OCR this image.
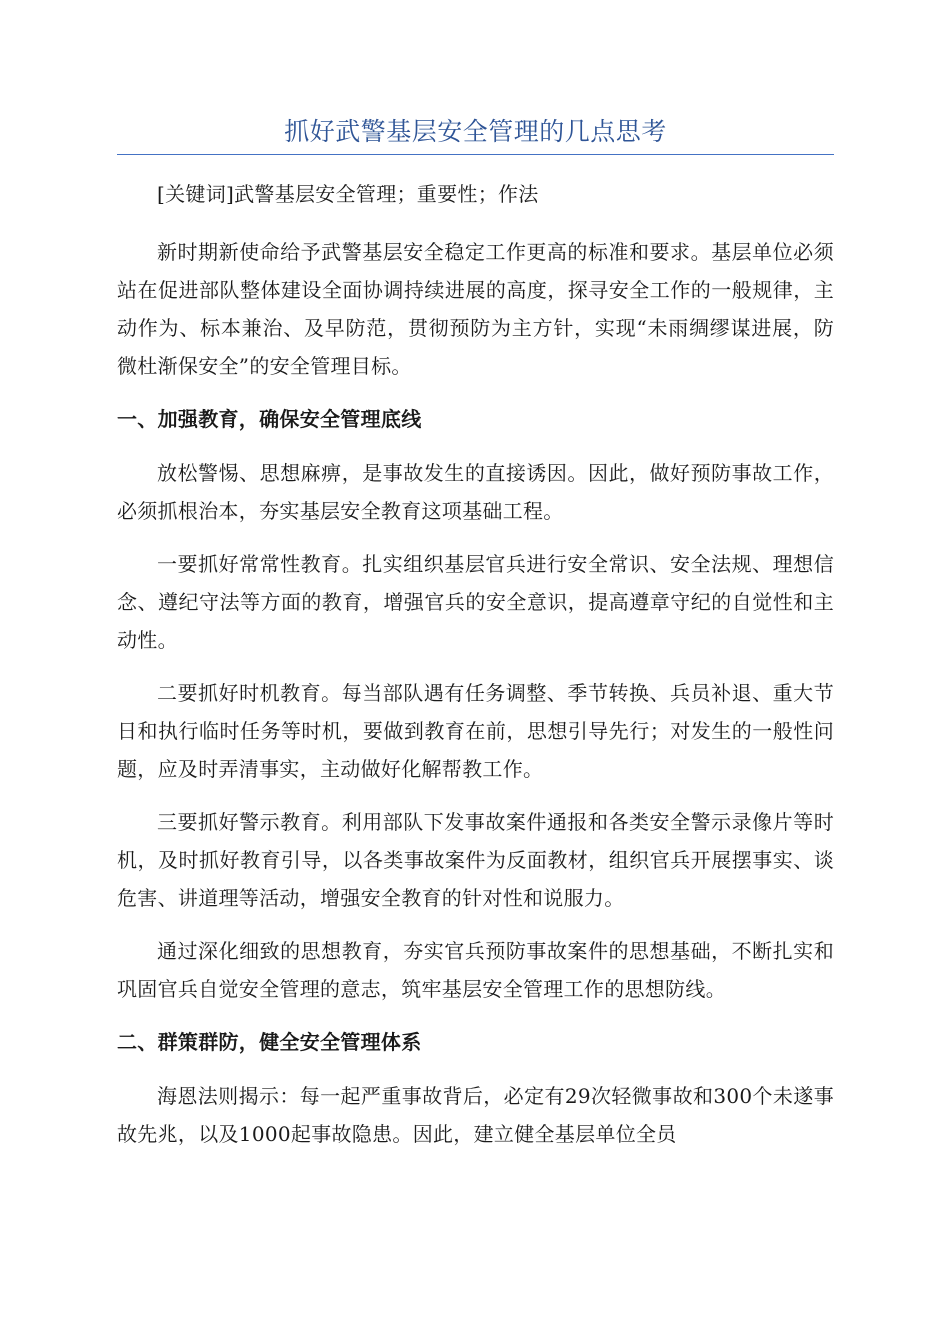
抓好武警基层安全管理的几点思考

[关键词]武警基层安全管理；重要性；作法

新时期新使命给予武警基层安全稳定工作更高的标准和要求。基层单位必须站在促进部队整体建设全面协调持续进展的高度，探寻安全工作的一般规律，主动作为、标本兼治、及早防范，贯彻预防为主方针，实现“未雨绸缪谋进展，防微杜渐保安全”的安全管理目标。

一、加强教育，确保安全管理底线

放松警惕、思想麻痹，是事故发生的直接诱因。因此，做好预防事故工作，必须抓根治本，夯实基层安全教育这项基础工程。

一要抓好常常性教育。扎实组织基层官兵进行安全常识、安全法规、理想信念、遵纪守法等方面的教育，增强官兵的安全意识，提高遵章守纪的自觉性和主动性。

二要抓好时机教育。每当部队遇有任务调整、季节转换、兵员补退、重大节日和执行临时任务等时机，要做到教育在前，思想引导先行；对发生的一般性问题，应及时弄清事实，主动做好化解帮教工作。

三要抓好警示教育。利用部队下发事故案件通报和各类安全警示录像片等时机，及时抓好教育引导，以各类事故案件为反面教材，组织官兵开展摆事实、谈危害、讲道理等活动，增强安全教育的针对性和说服力。

通过深化细致的思想教育，夯实官兵预防事故案件的思想基础，不断扎实和巩固官兵自觉安全管理的意志，筑牢基层安全管理工作的思想防线。

二、群策群防，健全安全管理体系

海恩法则揭示：每一起严重事故背后，必定有29次轻微事故和300个未遂事故先兆，以及1000起事故隐患。因此，建立健全基层单位全员
